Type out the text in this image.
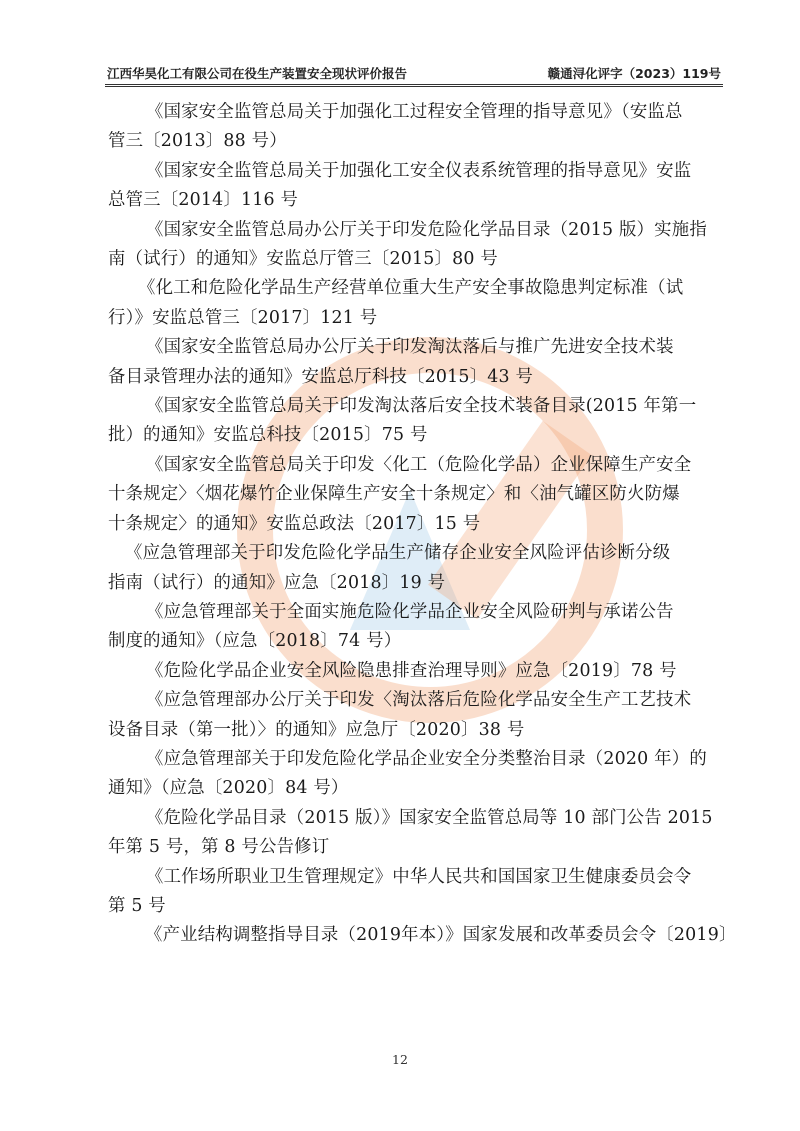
江西华昊化工有限公司在役生产装置安全现状评价报告	赣通浔化评字（2023）119号

《国家安全监管总局关于加强化工过程安全管理的指导意见》（安监总
管三〔2013〕88 号）

《国家安全监管总局关于加强化工安全仪表系统管理的指导意见》安监
总管三〔2014〕116 号

《国家安全监管总局办公厅关于印发危险化学品目录（2015 版）实施指
南（试行）的通知》安监总厅管三〔2015〕80 号

《化工和危险化学品生产经营单位重大生产安全事故隐患判定标准（试
行）》安监总管三〔2017〕121 号

《国家安全监管总局办公厅关于印发淘汰落后与推广先进安全技术装
备目录管理办法的通知》安监总厅科技〔2015〕43 号

《国家安全监管总局关于印发淘汰落后安全技术装备目录(2015 年第一
批）的通知》安监总科技〔2015〕75 号

《国家安全监管总局关于印发〈化工（危险化学品）企业保障生产安全
十条规定〉〈烟花爆竹企业保障生产安全十条规定〉和〈油气罐区防火防爆
十条规定〉的通知》安监总政法〔2017〕15 号

《应急管理部关于印发危险化学品生产储存企业安全风险评估诊断分级
指南（试行）的通知》应急〔2018〕19 号

《应急管理部关于全面实施危险化学品企业安全风险研判与承诺公告
制度的通知》（应急〔2018〕74 号）

《危险化学品企业安全风险隐患排查治理导则》应急〔2019〕78 号

《应急管理部办公厅关于印发〈淘汰落后危险化学品安全生产工艺技术
设备目录（第一批）〉的通知》应急厅〔2020〕38 号

《应急管理部关于印发危险化学品企业安全分类整治目录（2020 年）的
通知》（应急〔2020〕84 号）

《危险化学品目录（2015 版）》国家安全监管总局等 10 部门公告 2015
年第 5 号，第 8 号公告修订

《工作场所职业卫生管理规定》中华人民共和国国家卫生健康委员会令
第 5 号

《产业结构调整指导目录（2019年本）》国家发展和改革委员会令〔2019〕

12
